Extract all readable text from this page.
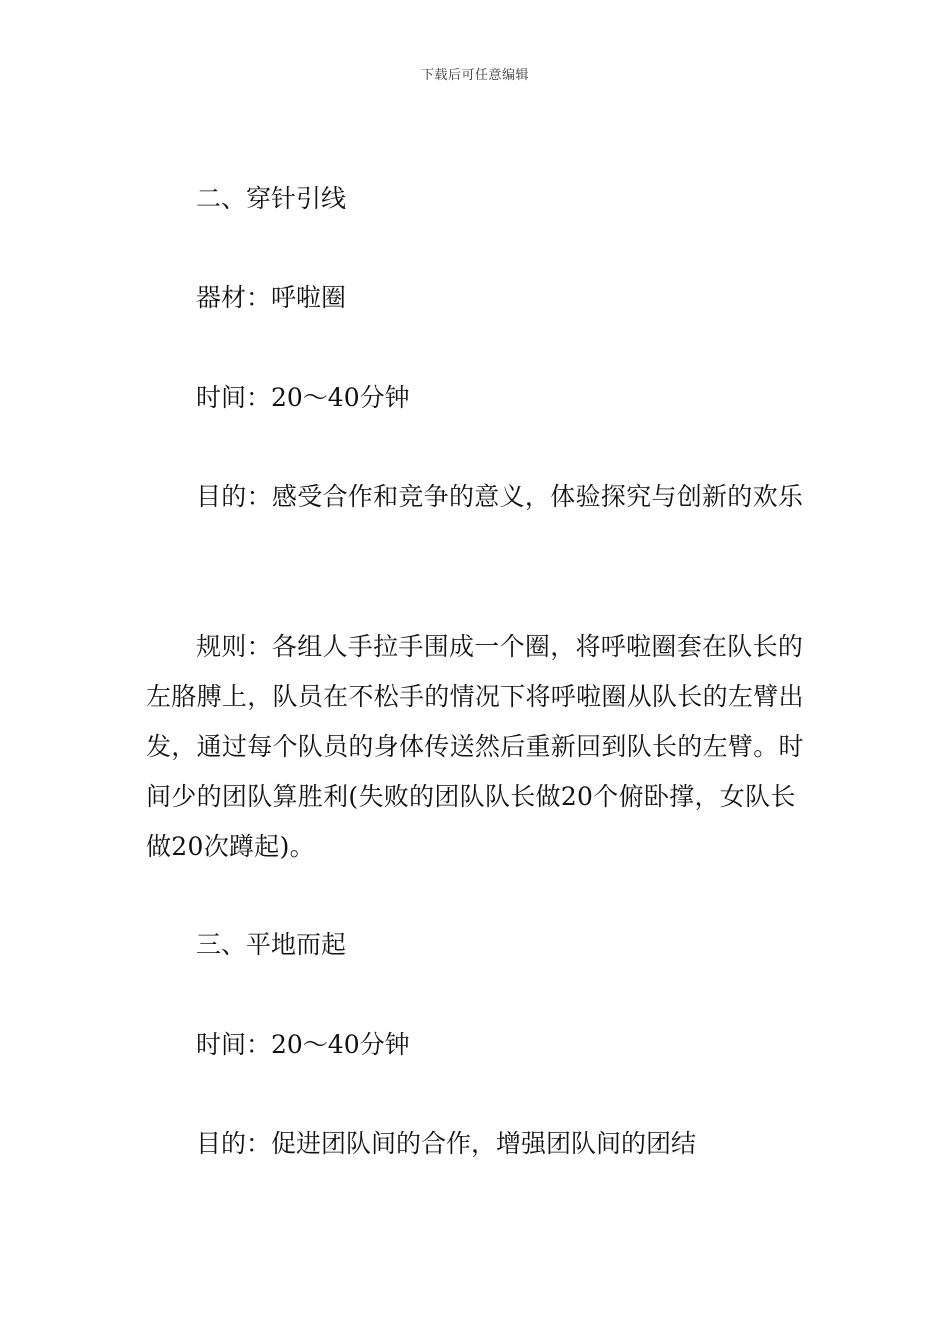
下载后可任意编辑
二、穿针引线
器材：呼啦圈
时间：20～40分钟
目的：感受合作和竞争的意义，体验探究与创新的欢乐
规则：各组人手拉手围成一个圈，将呼啦圈套在队长的左胳膊上，队员在不松手的情况下将呼啦圈从队长的左臂出发，通过每个队员的身体传送然后重新回到队长的左臂。时间少的团队算胜利(失败的团队队长做20个俯卧撑，女队长做20次蹲起)。
三、平地而起
时间：20～40分钟
目的：促进团队间的合作，增强团队间的团结
